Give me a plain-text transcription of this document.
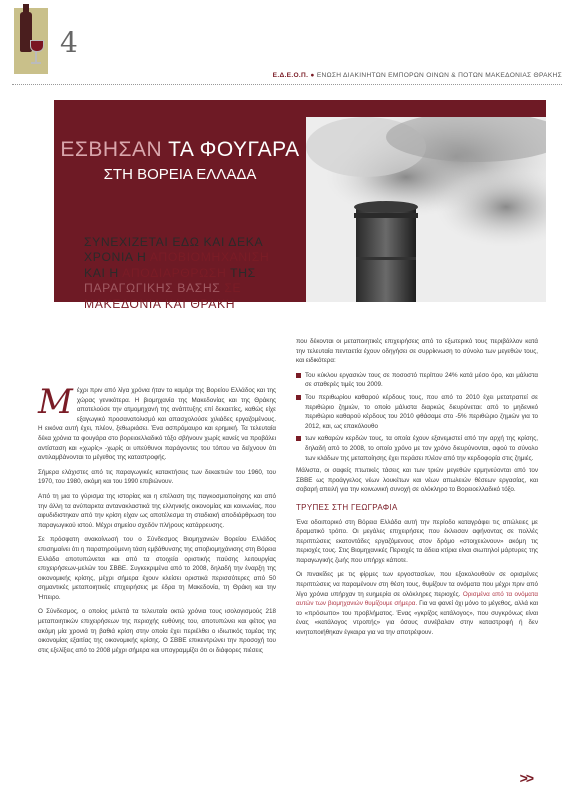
4
Ε.Δ.Ε.Ο.Π. ● ΕΝΩΣΗ ΔΙΑΚΙΝΗΤΩΝ ΕΜΠΟΡΩΝ ΟΙΝΩΝ & ΠΟΤΩΝ ΜΑΚΕΔΟΝΙΑΣ ΘΡΑΚΗΣ
ΕΣΒΗΣΑΝ ΤΑ ΦΟΥΓΑΡΑ
ΣΤΗ ΒΟΡΕΙΑ ΕΛΛΑΔΑ
ΣΥΝΕΧΙΖΕΤΑΙ ΕΔΩ ΚΑΙ ΔΕΚΑ
ΧΡΟΝΙΑ Η ΑΠΟΒΙΟΜΗΧΑΝΙΣΗ
ΚΑΙ Η ΑΠΟΔΙΑΡΘΡΩΣΗ ΤΗΣ
ΠΑΡΑΓΩΓΙΚΗΣ ΒΑΣΗΣ ΣΕ
ΜΑΚΕΔΟΝΙΑ ΚΑΙ ΘΡΑΚΗ

Μέχρι πριν από λίγα χρόνια ήταν το καμάρι της Βορείου Ελλάδος και της χώρας γενικότερα. Η βιομηχανία της Μακεδονίας και της Θράκης αποτελούσε την ατμομηχανή της ανάπτυξης επί δεκαετίες, καθώς είχε εξαγωγικό προσανατολισμό και απασχολούσε χιλιάδες εργαζομένους. Η εικόνα αυτή έχει, πλέον, ξεθωριάσει. Ένα ασπρόμαυρο και ερημική. Τα τελευταία δέκα χρόνια τα φουγάρα στο βορειοελλαδικό τόξο σβήνουν χωρίς κανείς να προβάλει αντίσταση και «χωρίς» -χωρίς οι υπεύθυνοι παράγοντες του τόπου να δείχνουν ότι αντιλαμβάνονται το μέγεθος της καταστροφής.

Σήμερα ελάχιστες από τις παραγωγικές κατακτήσεις των δεκαετιών του 1960, του 1970, του 1980, ακόμη και του 1990 επιβιώνουν.

Από τη μια το γύρισμα της ιστορίας και η επέλαση της παγκοσμιοποίησης και από την άλλη τα ανύπαρκτα αντανακλαστικά της ελληνικής οικονομίας και κοινωνίας, που αφυδιδιστηκαν από την κρίση είχαν ως αποτέλεσμα τη σταδιακή αποδιάρθρωση του παραγωγικού ιστού. Μέχρι σημείου σχεδόν πλήρους κατάρρευσης.

Σε πρόσφατη ανακοίνωσή του ο Σύνδεσμος Βιομηχανιών Βορείου Ελλάδος επισημαίνει ότι η παρατηρούμενη τάση εμβάθυνσης της αποβιομηχάνισης στη Βόρεια Ελλάδα αποτυπώνεται και από τα στοιχεία οριστικής παύσης λειτουργίας επιχειρήσεων-μελών του ΣΒΒΕ. Συγκεκριμένα από το 2008, δηλαδή την έναρξη της οικονομικής κρίσης, μέχρι σήμερα έχουν κλείσει οριστικά περισσότερες από 50 σημαντικές μεταποιητικές επιχειρήσεις με έδρα τη Μακεδονία, τη Θράκη και την Ήπειρο.

Ο Σύνδεσμος, ο οποίος μελετά τα τελευταία οκτώ χρόνια τους ισολογισμούς 218 μεταποιητικών επιχειρήσεων της περιοχής ευθύνης του, αποτυπώνει και φέτος για ακόμη μία χρονιά τη βαθιά κρίση στην οποία έχει περιέλθει ο ιδιωτικός τομέας της οικονομίας εξαιτίας της οικονομικής κρίσης. Ο ΣΒΒΕ επικεντρώνει την προσοχή του στις εξελίξεις από το 2008 μέχρι σήμερα και υπογραμμίζει ότι οι διάφορες πιέσεις

που δέκονται οι μεταποιητικές επιχειρήσεις από το εξωτερικό τους περιβάλλον κατά την τελευταία πενταετία έχουν οδηγήσει σε συρρίκνωση το σύνολο των μεγεθών τους, και ειδικότερα:

Του κύκλου εργασιών τους σε ποσοστό περίπου 24% κατά μέσο όρο, και μάλιστα σε σταθερές τιμές του 2009.
Του περιθωρίου καθαρού κέρδους τους, που από το 2010 έχει μετατραπεί σε περιθώριο ζημιών, το οποίο μάλιστα διαρκώς διευρύνεται: από το μηδενικό περιθώριο καθαρού κέρδους του 2010 φθάσαμε στο -5% περιθώριο ζημιών για το 2012, και, ως επακόλουθο
των καθαρών κερδών τους, τα οποία έχουν εξανεμιστεί από την αρχή της κρίσης, δηλαδή από το 2008, το οποίο χρόνο με τον χρόνο διευρύνονται, αφού το σύνολο των κλάδων της μεταποίησης έχει περάσει πλέον από την κερδοφορία στις ζημιές.

Μάλιστα, οι σαφείς πτωτικές τάσεις και των τριών μεγεθών ερμηνεύονται από τον ΣΒΒΕ ως προάγγελος νέων λουκέτων και νέων απωλειών θέσεων εργασίας, και σοβαρή απειλή για την κοινωνική συνοχή σε ολόκληρο το Βορειοελλαδικό τόξο.

ΤΡΥΠΕΣ ΣΤΗ ΓΕΩΓΡΑΦΙΑ

Ένα οδοιπορικό στη Βόρεια Ελλάδα αυτή την περίοδο καταγράφει τις απώλειες με δραματικό τρόπο. Οι μεγάλες επιχειρήσεις που έκλεισαν αφήνοντας σε πολλές περιπτώσεις εκατοντάδες εργαζόμενους στον δρόμο «στοιχειώνουν» ακόμη τις περιοχές τους. Στις Βιομηχανικές Περιοχές τα άδεια κτίρια είναι σιωπηλοί μάρτυρες της παραγωγικής ζωής που υπήρχε κάποτε.

Οι πινακίδες με τις φίρμες των εργοστασίων, που εξακολουθούν σε ορισμένες περιπτώσεις να παραμένουν στη θέση τους, θυμίζουν τα ονόματα που μέχρι πριν από λίγο χρόνια υπήρχαν τη ευημερία σε ολόκληρες περιοχές. Ορισμένα από τα ονόματα αυτών των βιομηχανιών θυμίζουμε σήμερα. Για να φανεί όχι μόνο το μέγεθος, αλλά και το «πρόσωπο» του προβλήματος. Ένας «γκρίζος κατάλογος», που συγκρόνως είναι ένας «κατάλογος ντροπής» για όσους συνέβαλαν στην καταστροφή ή δεν κινητοποιήθηκαν έγκαιρα για να την αποτρέψουν.

>>
